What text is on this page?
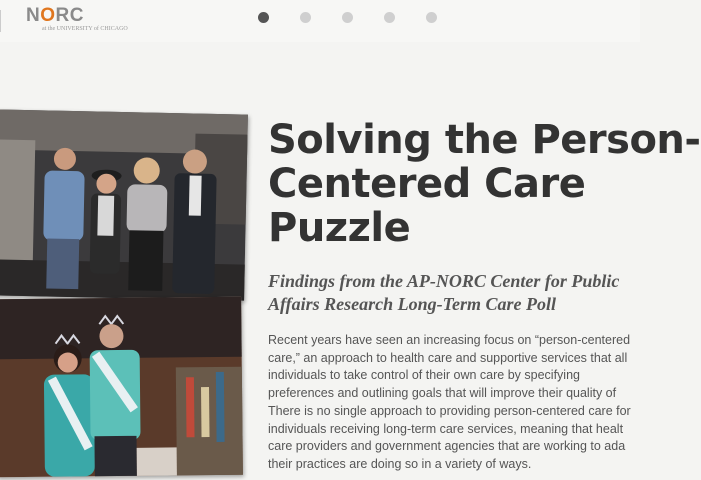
NORC
at the UNIVERSITY of CHICAGO
Solving the Person-
Centered Care
Puzzle
Findings from the AP-NORC Center for Public
Affairs Research Long-Term Care Poll

Recent years have seen an increasing focus on “person-centered
care,” an approach to health care and supportive services that all
individuals to take control of their own care by specifying
preferences and outlining goals that will improve their quality of
There is no single approach to providing person-centered care for
individuals receiving long-term care services, meaning that healt
care providers and government agencies that are working to ada
their practices are doing so in a variety of ways.
